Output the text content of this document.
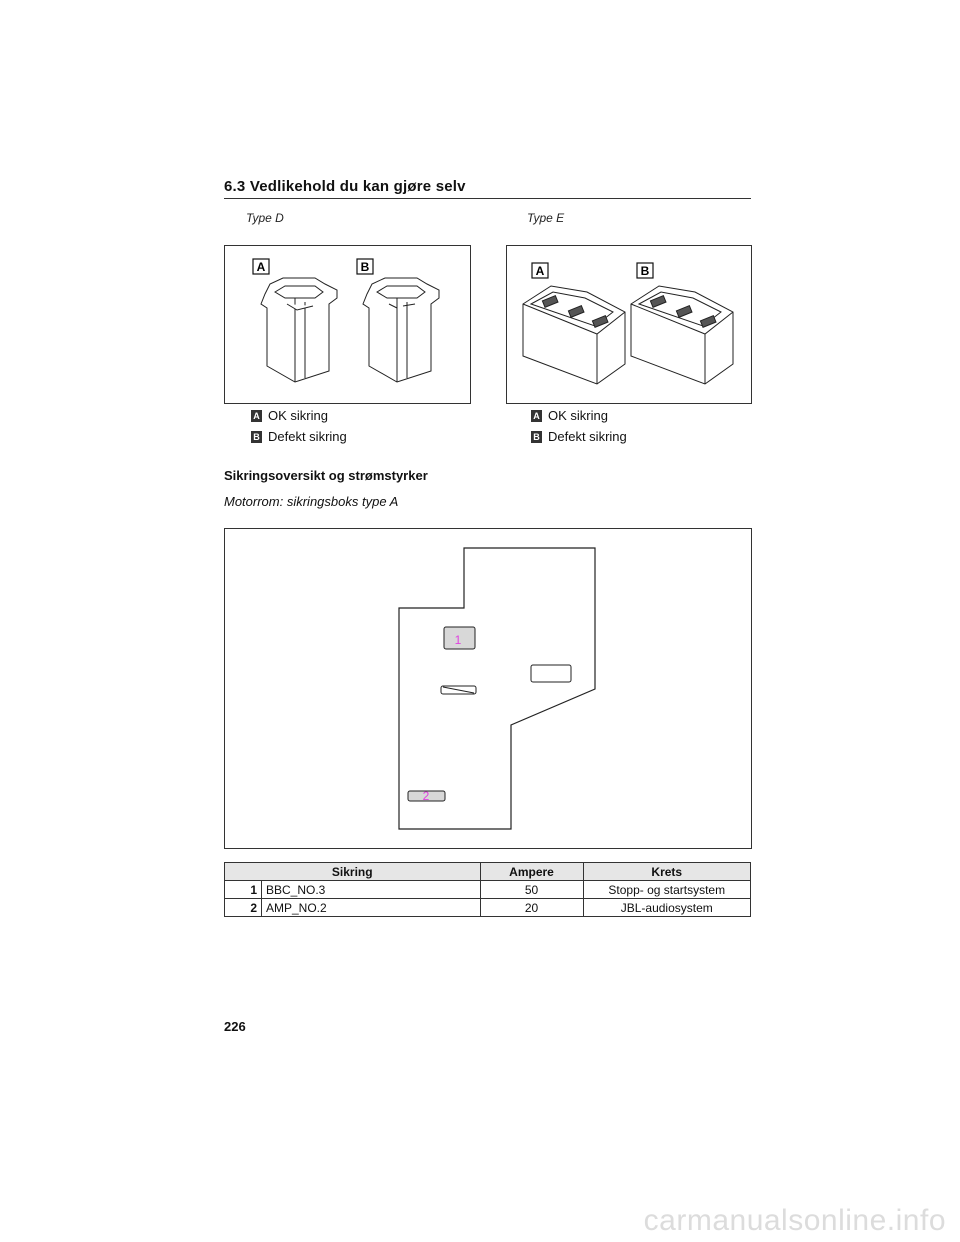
6.3 Vedlikehold du kan gjøre selv
Type D	Type E
A	B	A	B
A OK sikring
B Defekt sikring
A OK sikring
B Defekt sikring
Sikringsoversikt og strømstyrker
Motorrom: sikringsboks type A
1
2
Sikring		Ampere	Krets
1	BBC_NO.3	50	Stopp- og startsystem
2	AMP_NO.2	20	JBL-audiosystem
226
carmanualsonline.info
